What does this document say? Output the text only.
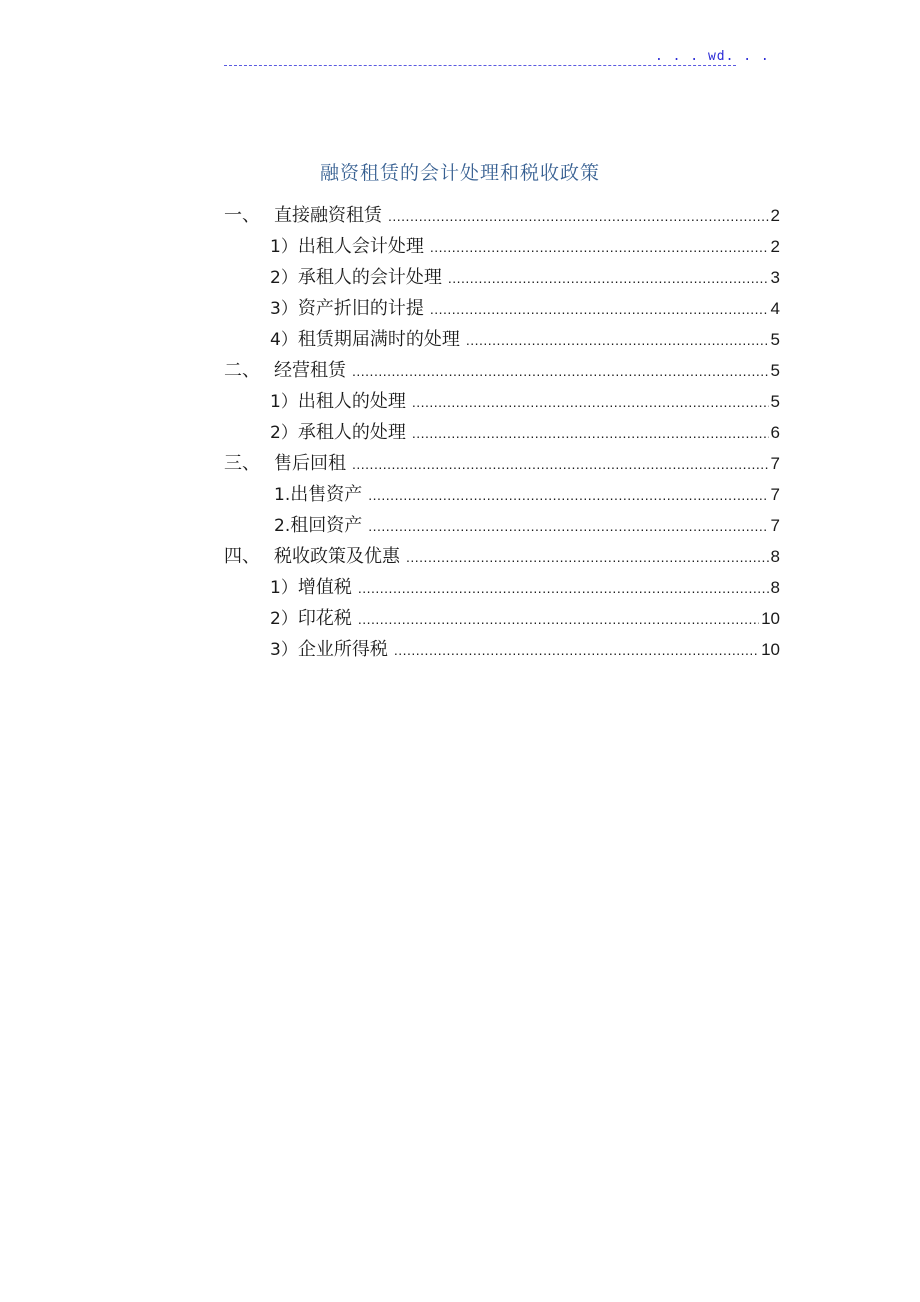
. . . wd. . .
融资租赁的会计处理和税收政策
一、 直接融资租赁 .....	2
1） 出租人会计处理 .....	2
2） 承租人的会计处理 .....	3
3） 资产折旧的计提 .....	4
4） 租赁期届满时的处理 .....	5
二、 经营租赁 .....	5
1） 出租人的处理 .....	5
2） 承租人的处理 .....	6
三、 售后回租 .....	7
1. 出售资产 .....	7
2. 租回资产 .....	7
四、 税收政策及优惠 .....	8
1） 增值税 .....	8
2） 印花税 .....	10
3） 企业所得税 .....	10
